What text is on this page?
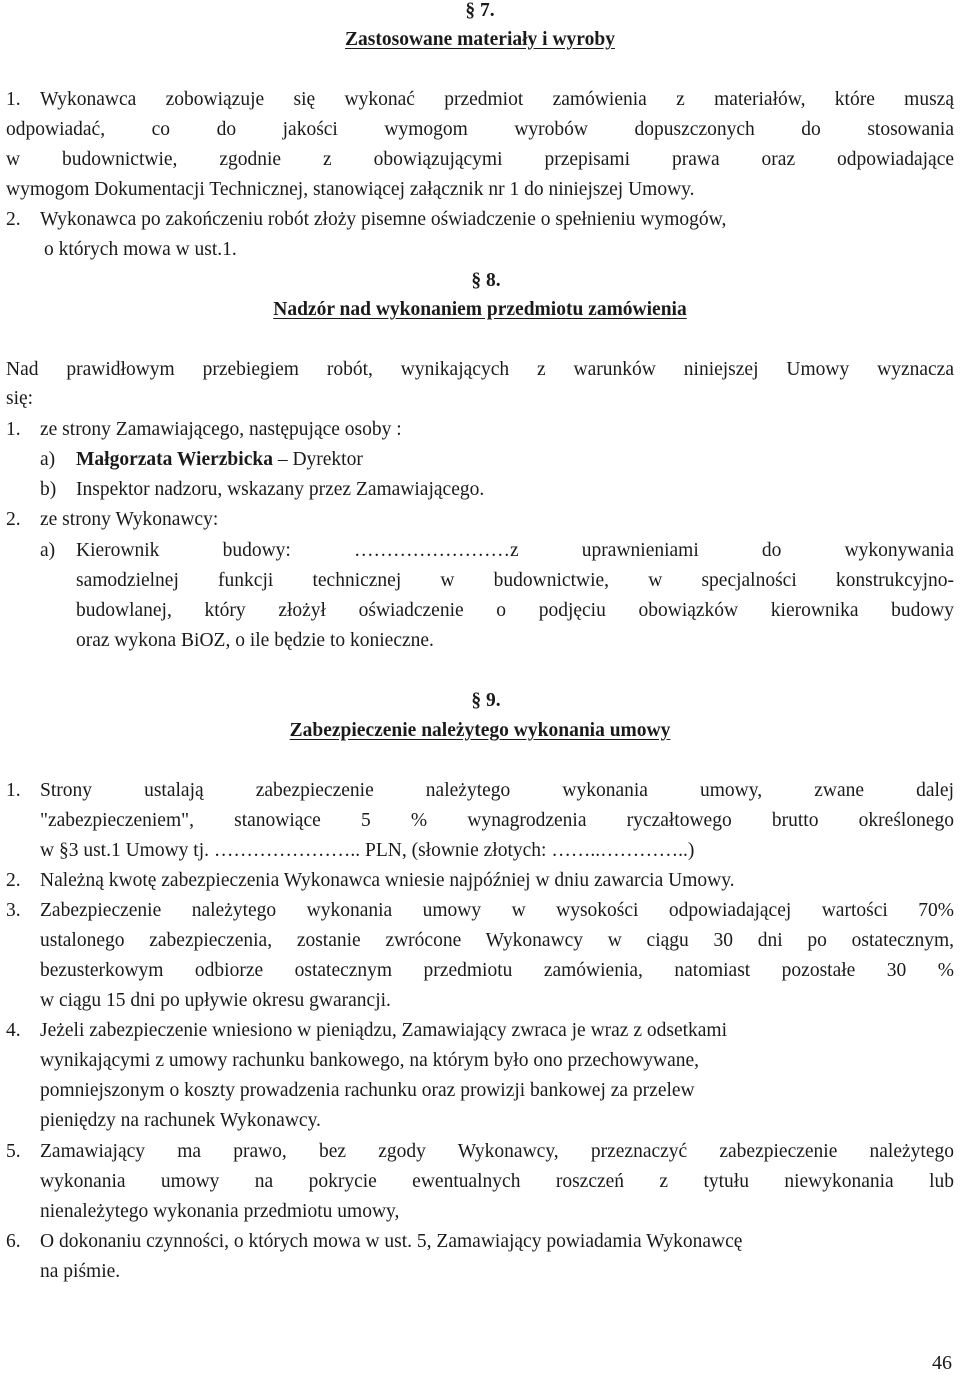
§ 7.
Zastosowane materiały i wyroby
1. Wykonawca zobowiązuje się wykonać przedmiot zamówienia z materiałów, które muszą
odpowiadać, co do jakości wymogom wyrobów dopuszczonych do stosowania
w budownictwie, zgodnie z obowiązującymi przepisami prawa oraz odpowiadające
wymogom Dokumentacji Technicznej, stanowiącej załącznik nr 1 do niniejszej Umowy.
2. Wykonawca po zakończeniu robót złoży pisemne oświadczenie o spełnieniu wymogów,
o których mowa w ust.1.
§ 8.
Nadzór nad wykonaniem przedmiotu zamówienia
Nad prawidłowym przebiegiem robót, wynikających z warunków niniejszej Umowy wyznacza
się:
1. ze strony Zamawiającego, następujące osoby :
a) Małgorzata Wierzbicka – Dyrektor
b) Inspektor nadzoru, wskazany przez Zamawiającego.
2. ze strony Wykonawcy:
a) Kierownik budowy: ……………………z uprawnieniami do wykonywania
samodzielnej funkcji technicznej w budownictwie, w specjalności konstrukcyjno-
budowlanej, który złożył oświadczenie o podjęciu obowiązków kierownika budowy
oraz wykona BiOZ, o ile będzie to konieczne.
§ 9.
Zabezpieczenie należytego wykonania umowy
1. Strony ustalają zabezpieczenie należytego wykonania umowy, zwane dalej
"zabezpieczeniem", stanowiące 5 % wynagrodzenia ryczałtowego brutto określonego
w §3 ust.1 Umowy tj. ………………….. PLN, (słownie złotych: ……..…………..)
2. Należną kwotę zabezpieczenia Wykonawca wniesie najpóźniej w dniu zawarcia Umowy.
3. Zabezpieczenie należytego wykonania umowy w wysokości odpowiadającej wartości 70%
ustalonego zabezpieczenia, zostanie zwrócone Wykonawcy w ciągu 30 dni po ostatecznym,
bezusterkowym odbiorze ostatecznym przedmiotu zamówienia, natomiast pozostałe 30 %
w ciągu 15 dni po upływie okresu gwarancji.
4. Jeżeli zabezpieczenie wniesiono w pieniądzu, Zamawiający zwraca je wraz z odsetkami
wynikającymi z umowy rachunku bankowego, na którym było ono przechowywane,
pomniejszonym o koszty prowadzenia rachunku oraz prowizji bankowej za przelew
pieniędzy na rachunek Wykonawcy.
5. Zamawiający ma prawo, bez zgody Wykonawcy, przeznaczyć zabezpieczenie należytego
wykonania umowy na pokrycie ewentualnych roszczeń z tytułu niewykonania lub
nienależytego wykonania przedmiotu umowy,
6. O dokonaniu czynności, o których mowa w ust. 5, Zamawiający powiadamia Wykonawcę
na piśmie.
46
